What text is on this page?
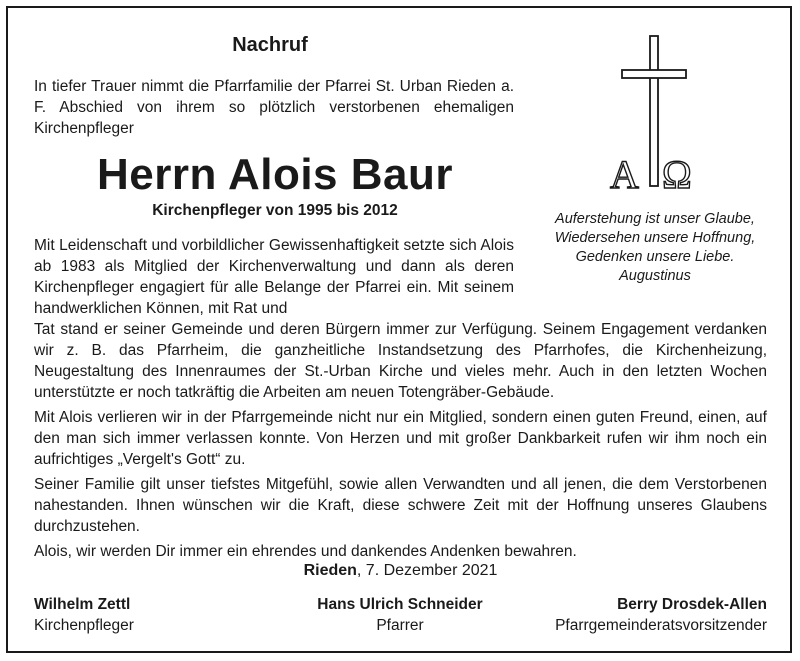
Nachruf
In tiefer Trauer nimmt die Pfarrfamilie der Pfarrei St. Urban Rieden a. F. Abschied von ihrem so plötzlich verstorbenen ehemaligen Kirchenpfleger
Herrn Alois Baur
Kirchenpfleger von 1995 bis 2012
A Ω
Auferstehung ist unser Glaube,
Wiedersehen unsere Hoffnung,
Gedenken unsere Liebe.
Augustinus

Mit Leidenschaft und vorbildlicher Gewissenhaftigkeit setzte sich Alois ab 1983 als Mitglied der Kirchenverwaltung und dann als deren Kirchenpfleger engagiert für alle Belange der Pfarrei ein. Mit seinem handwerklichen Können, mit Rat und

Tat stand er seiner Gemeinde und deren Bürgern immer zur Verfügung. Seinem Engagement verdanken wir z. B. das Pfarrheim, die ganzheitliche Instandsetzung des Pfarrhofes, die Kirchenheizung, Neugestaltung des Innenraumes der St.-Urban Kirche und vieles mehr. Auch in den letzten Wochen unterstützte er noch tatkräftig die Arbeiten am neuen Totengräber-Gebäude.

Mit Alois verlieren wir in der Pfarrgemeinde nicht nur ein Mitglied, sondern einen guten Freund, einen, auf den man sich immer verlassen konnte. Von Herzen und mit großer Dankbarkeit rufen wir ihm noch ein aufrichtiges „Vergelt's Gott“ zu.

Seiner Familie gilt unser tiefstes Mitgefühl, sowie allen Verwandten und all jenen, die dem Verstorbenen nahestanden. Ihnen wünschen wir die Kraft, diese schwere Zeit mit der Hoffnung unseres Glaubens durchzustehen.

Alois, wir werden Dir immer ein ehrendes und dankendes Andenken bewahren.

Rieden, 7. Dezember 2021
Wilhelm Zettl
Kirchenpfleger
Hans Ulrich Schneider
Pfarrer
Berry Drosdek-Allen
Pfarrgemeinderatsvorsitzender
